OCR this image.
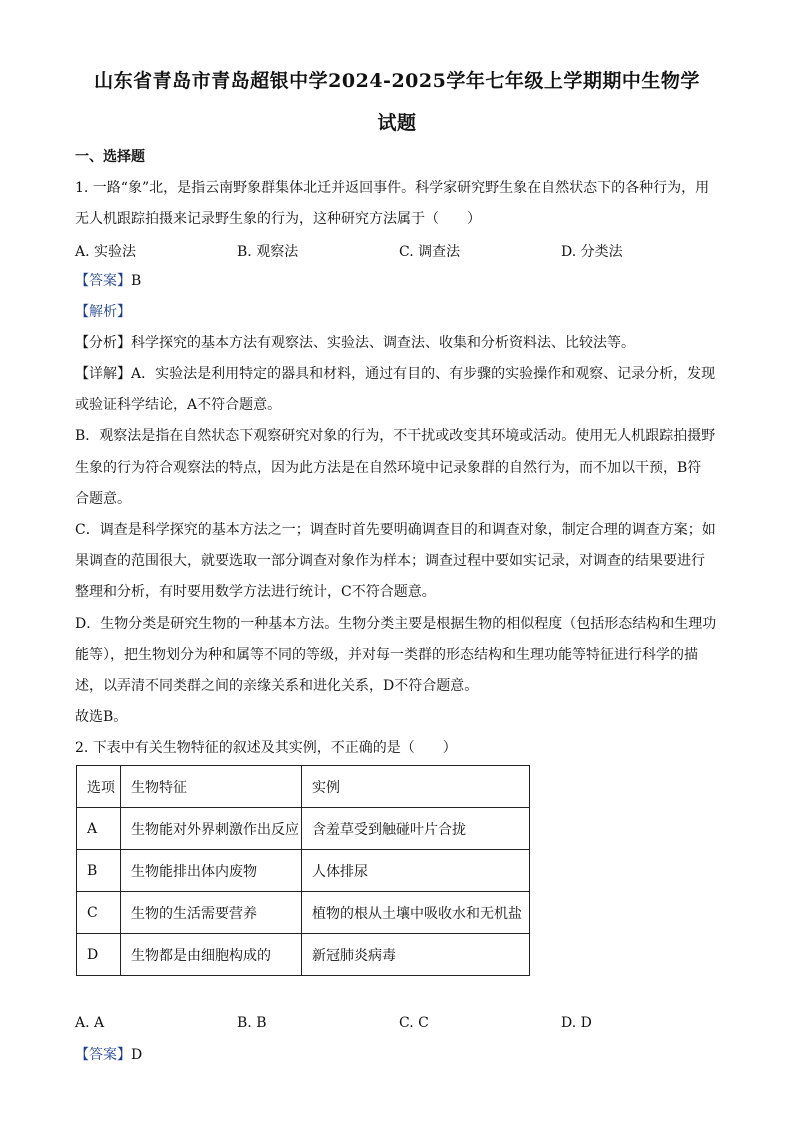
山东省青岛市青岛超银中学2024-2025学年七年级上学期期中生物学
试题
一、选择题
1. 一路“象”北，是指云南野象群集体北迁并返回事件。科学家研究野生象在自然状态下的各种行为，用
无人机跟踪拍摄来记录野生象的行为，这种研究方法属于（　　）
A. 实验法	B. 观察法	C. 调查法	D. 分类法
【答案】B
【解析】
【分析】科学探究的基本方法有观察法、实验法、调查法、收集和分析资料法、比较法等。
【详解】A．实验法是利用特定的器具和材料，通过有目的、有步骤的实验操作和观察、记录分析，发现
或验证科学结论，A不符合题意。
B．观察法是指在自然状态下观察研究对象的行为，不干扰或改变其环境或活动。使用无人机跟踪拍摄野
生象的行为符合观察法的特点，因为此方法是在自然环境中记录象群的自然行为，而不加以干预，B符
合题意。
C．调查是科学探究的基本方法之一；调查时首先要明确调查目的和调查对象，制定合理的调查方案；如
果调查的范围很大，就要选取一部分调查对象作为样本；调查过程中要如实记录，对调查的结果要进行
整理和分析，有时要用数学方法进行统计，C不符合题意。
D．生物分类是研究生物的一种基本方法。生物分类主要是根据生物的相似程度（包括形态结构和生理功
能等），把生物划分为种和属等不同的等级，并对每一类群的形态结构和生理功能等特征进行科学的描
述，以弄清不同类群之间的亲缘关系和进化关系，D不符合题意。
故选B。
2. 下表中有关生物特征的叙述及其实例，不正确的是（　　）
选项	生物特征	实例
A	生物能对外界刺激作出反应	含羞草受到触碰叶片合拢
B	生物能排出体内废物	人体排尿
C	生物的生活需要营养	植物的根从土壤中吸收水和无机盐
D	生物都是由细胞构成的	新冠肺炎病毒
A. A	B. B	C. C	D. D
【答案】D
